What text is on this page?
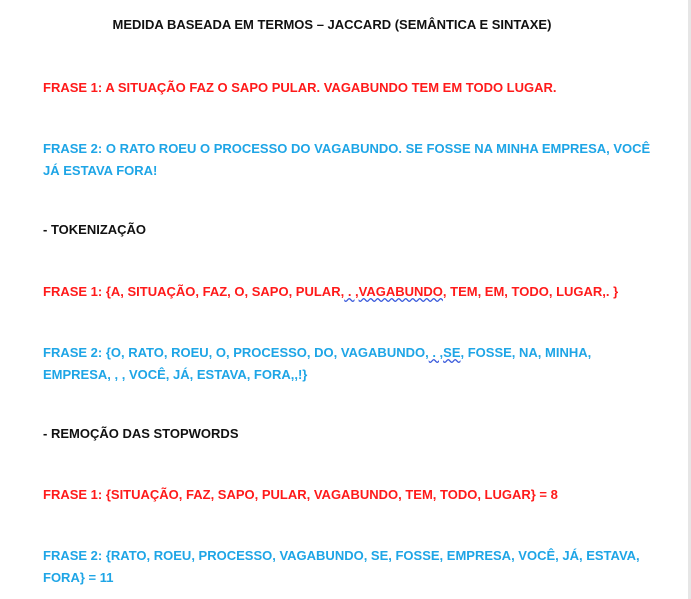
MEDIDA BASEADA EM TERMOS – JACCARD (SEMÂNTICA E SINTAXE)
FRASE 1: A SITUAÇÃO FAZ O SAPO PULAR. VAGABUNDO TEM EM TODO LUGAR.
FRASE 2: O RATO ROEU O PROCESSO DO VAGABUNDO. SE FOSSE NA MINHA EMPRESA, VOCÊ
JÁ ESTAVA FORA!
- TOKENIZAÇÃO
FRASE 1: {A, SITUAÇÃO, FAZ, O, SAPO, PULAR, . ,VAGABUNDO, TEM, EM, TODO, LUGAR,. }
FRASE 2: {O, RATO, ROEU, O, PROCESSO, DO, VAGABUNDO, . ,SE, FOSSE, NA, MINHA,
EMPRESA, , , VOCÊ, JÁ, ESTAVA, FORA,,!}
- REMOÇÃO DAS STOPWORDS
FRASE 1: {SITUAÇÃO, FAZ, SAPO, PULAR, VAGABUNDO, TEM, TODO, LUGAR} = 8
FRASE 2: {RATO, ROEU, PROCESSO, VAGABUNDO, SE, FOSSE, EMPRESA, VOCÊ, JÁ, ESTAVA,
FORA} = 11
